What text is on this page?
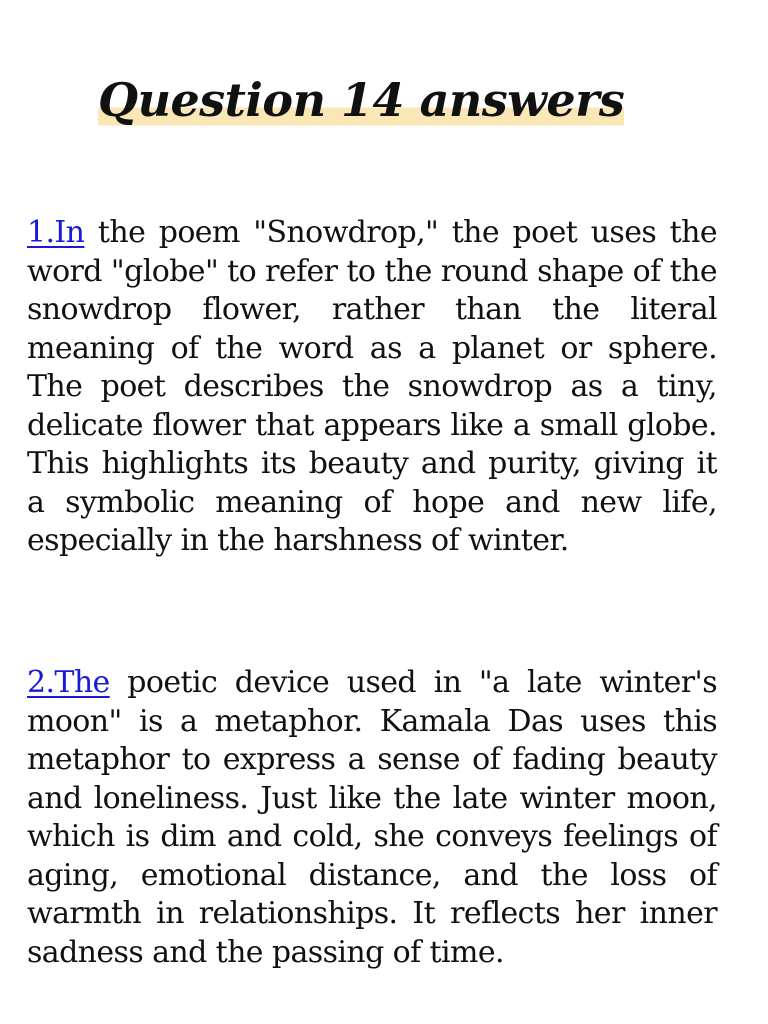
Question 14 answers

1.In the poem "Snowdrop," the poet uses the word "globe" to refer to the round shape of the snowdrop flower, rather than the literal meaning of the word as a planet or sphere. The poet describes the snowdrop as a tiny, delicate flower that appears like a small globe. This highlights its beauty and purity, giving it a symbolic meaning of hope and new life, especially in the harshness of winter.

2.The poetic device used in "a late winter's moon" is a metaphor. Kamala Das uses this metaphor to express a sense of fading beauty and loneliness. Just like the late winter moon, which is dim and cold, she conveys feelings of aging, emotional distance, and the loss of warmth in relationships. It reflects her inner sadness and the passing of time.
